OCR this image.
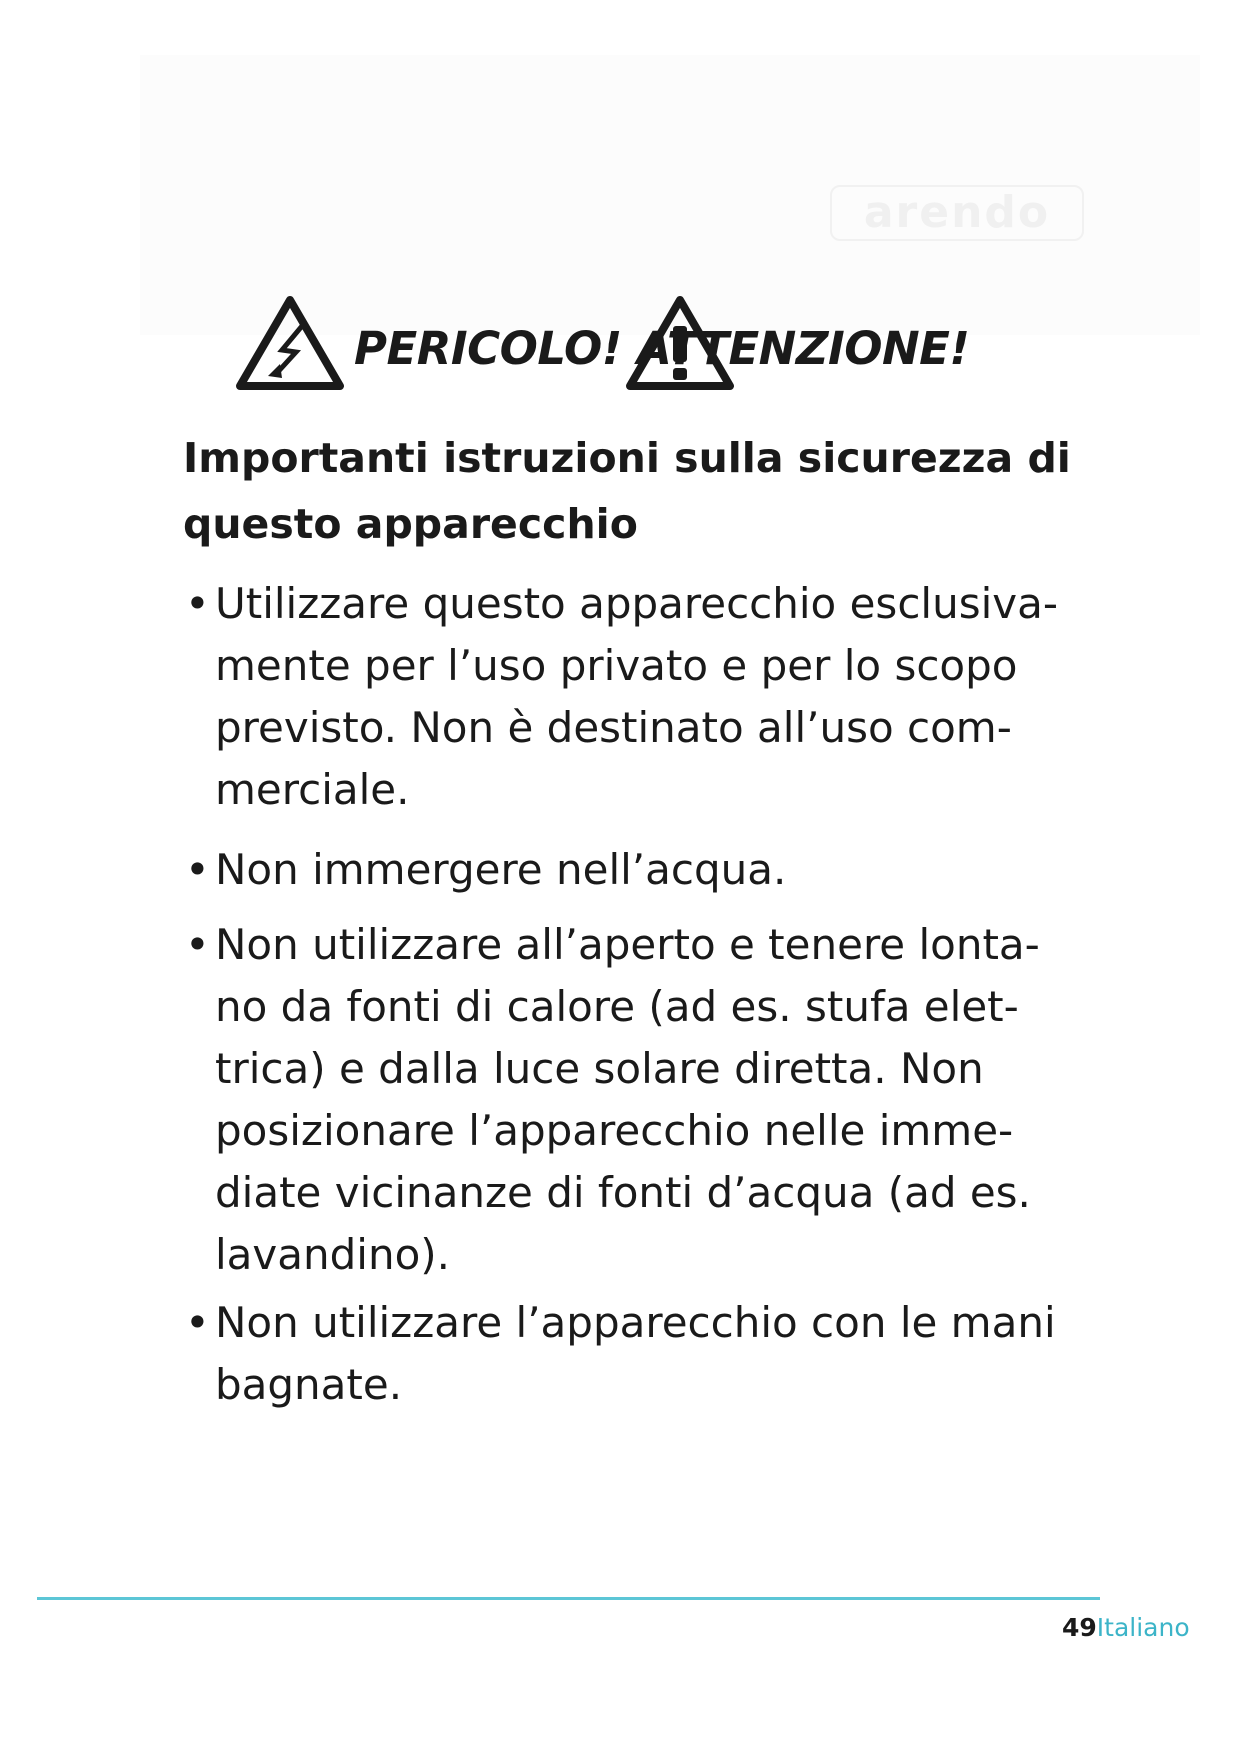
arendo
PERICOLO! ATTENZIONE!
Importanti istruzioni sulla sicurezza di
questo apparecchio
• Utilizzare questo apparecchio esclusiva-
mente per l’uso privato e per lo scopo
previsto. Non è destinato all’uso com-
merciale.
• Non immergere nell’acqua.
• Non utilizzare all’aperto e tenere lonta-
no da fonti di calore (ad es. stufa elet-
trica) e dalla luce solare diretta. Non
posizionare l’apparecchio nelle imme-
diate vicinanze di fonti d’acqua (ad es.
lavandino).
• Non utilizzare l’apparecchio con le mani
bagnate.
49Italiano
